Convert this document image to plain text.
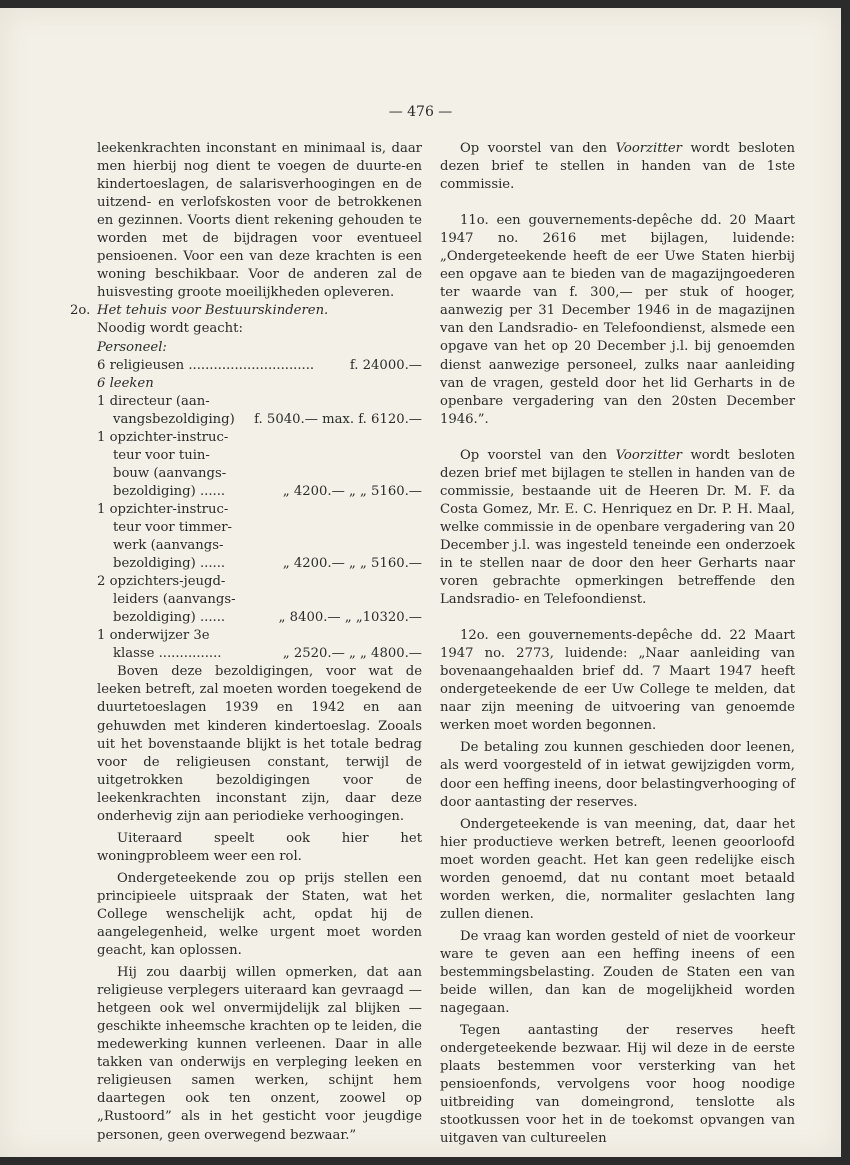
— 476 —

leekenkrachten inconstant en minimaal is, daar men hierbij nog dient te voegen de duurte-en kindertoeslagen, de salarisverhoogingen en de uitzend- en verlofskosten voor de betrokkenen en gezinnen. Voorts dient rekening gehouden te worden met de bijdragen voor eventueel pensioenen. Voor een van deze krachten is een woning beschikbaar. Voor de anderen zal de huisvesting groote moeilijkheden opleveren.

2o. Het tehuis voor Bestuurskinderen.

Noodig wordt geacht:

Personeel:

6 religieusen ..............................	f. 24000.—
6 leeken
1 directeur (aan-
vangsbezoldiging)	f. 5040.— max. f. 6120.—
1 opzichter-instruc-
teur voor tuin-
bouw (aanvangs-
bezoldiging) ......	„ 4200.— „ „ 5160.—
1 opzichter-instruc-
teur voor timmer-
werk (aanvangs-
bezoldiging) ......	„ 4200.— „ „ 5160.—
2 opzichters-jeugd-
leiders (aanvangs-
bezoldiging) ......	„ 8400.— „ „10320.—
1 onderwijzer 3e
klasse ...............	„ 2520.— „ „ 4800.—

Boven deze bezoldigingen, voor wat de leeken betreft, zal moeten worden toegekend de duurtetoeslagen 1939 en 1942 en aan gehuwden met kinderen kindertoeslag. Zooals uit het bovenstaande blijkt is het totale bedrag voor de religieusen constant, terwijl de uitgetrokken bezoldigingen voor de leekenkrachten inconstant zijn, daar deze onderhevig zijn aan periodieke verhoogingen.

Uiteraard speelt ook hier het woningprobleem weer een rol.

Ondergeteekende zou op prijs stellen een principieele uitspraak der Staten, wat het College wenschelijk acht, opdat hij de aangelegenheid, welke urgent moet worden geacht, kan oplossen.

Hij zou daarbij willen opmerken, dat aan religieuse verplegers uiteraard kan gevraagd — hetgeen ook wel onvermijdelijk zal blijken — geschikte inheemsche krachten op te leiden, die medewerking kunnen verleenen. Daar in alle takken van onderwijs en verpleging leeken en religieusen samen werken, schijnt hem daartegen ook ten onzent, zoowel op „Rustoord” als in het gesticht voor jeugdige personen, geen overwegend bezwaar.”

Op voorstel van den Voorzitter wordt besloten dezen brief te stellen in handen van de 1ste commissie.

11o. een gouvernements-depêche dd. 20 Maart 1947 no. 2616 met bijlagen, luidende: „Ondergeteekende heeft de eer Uwe Staten hierbij een opgave aan te bieden van de magazijngoederen ter waarde van f. 300,— per stuk of hooger, aanwezig per 31 December 1946 in de magazijnen van den Landsradio- en Telefoondienst, alsmede een opgave van het op 20 December j.l. bij genoemden dienst aanwezige personeel, zulks naar aanleiding van de vragen, gesteld door het lid Gerharts in de openbare vergadering van den 20sten December 1946.”.

Op voorstel van den Voorzitter wordt besloten dezen brief met bijlagen te stellen in handen van de commissie, bestaande uit de Heeren Dr. M. F. da Costa Gomez, Mr. E. C. Henriquez en Dr. P. H. Maal, welke commissie in de openbare vergadering van 20 December j.l. was ingesteld teneinde een onderzoek in te stellen naar de door den heer Gerharts naar voren gebrachte opmerkingen betreffende den Landsradio- en Telefoondienst.

12o. een gouvernements-depêche dd. 22 Maart 1947 no. 2773, luidende: „Naar aanleiding van bovenaangehaalden brief dd. 7 Maart 1947 heeft ondergeteekende de eer Uw College te melden, dat naar zijn meening de uitvoering van genoemde werken moet worden begonnen.

De betaling zou kunnen geschieden door leenen, als werd voorgesteld of in ietwat gewijzigden vorm, door een heffing ineens, door belastingverhooging of door aantasting der reserves.

Ondergeteekende is van meening, dat, daar het hier productieve werken betreft, leenen geoorloofd moet worden geacht. Het kan geen redelijke eisch worden genoemd, dat nu contant moet betaald worden werken, die, normaliter geslachten lang zullen dienen.

De vraag kan worden gesteld of niet de voorkeur ware te geven aan een heffing ineens of een bestemmingsbelasting. Zouden de Staten een van beide willen, dan kan de mogelijkheid worden nagegaan.

Tegen aantasting der reserves heeft ondergeteekende bezwaar. Hij wil deze in de eerste plaats bestemmen voor versterking van het pensioenfonds, vervolgens voor hoog noodige uitbreiding van domeingrond, tenslotte als stootkussen voor het in de toekomst opvangen van uitgaven van cultureelen
